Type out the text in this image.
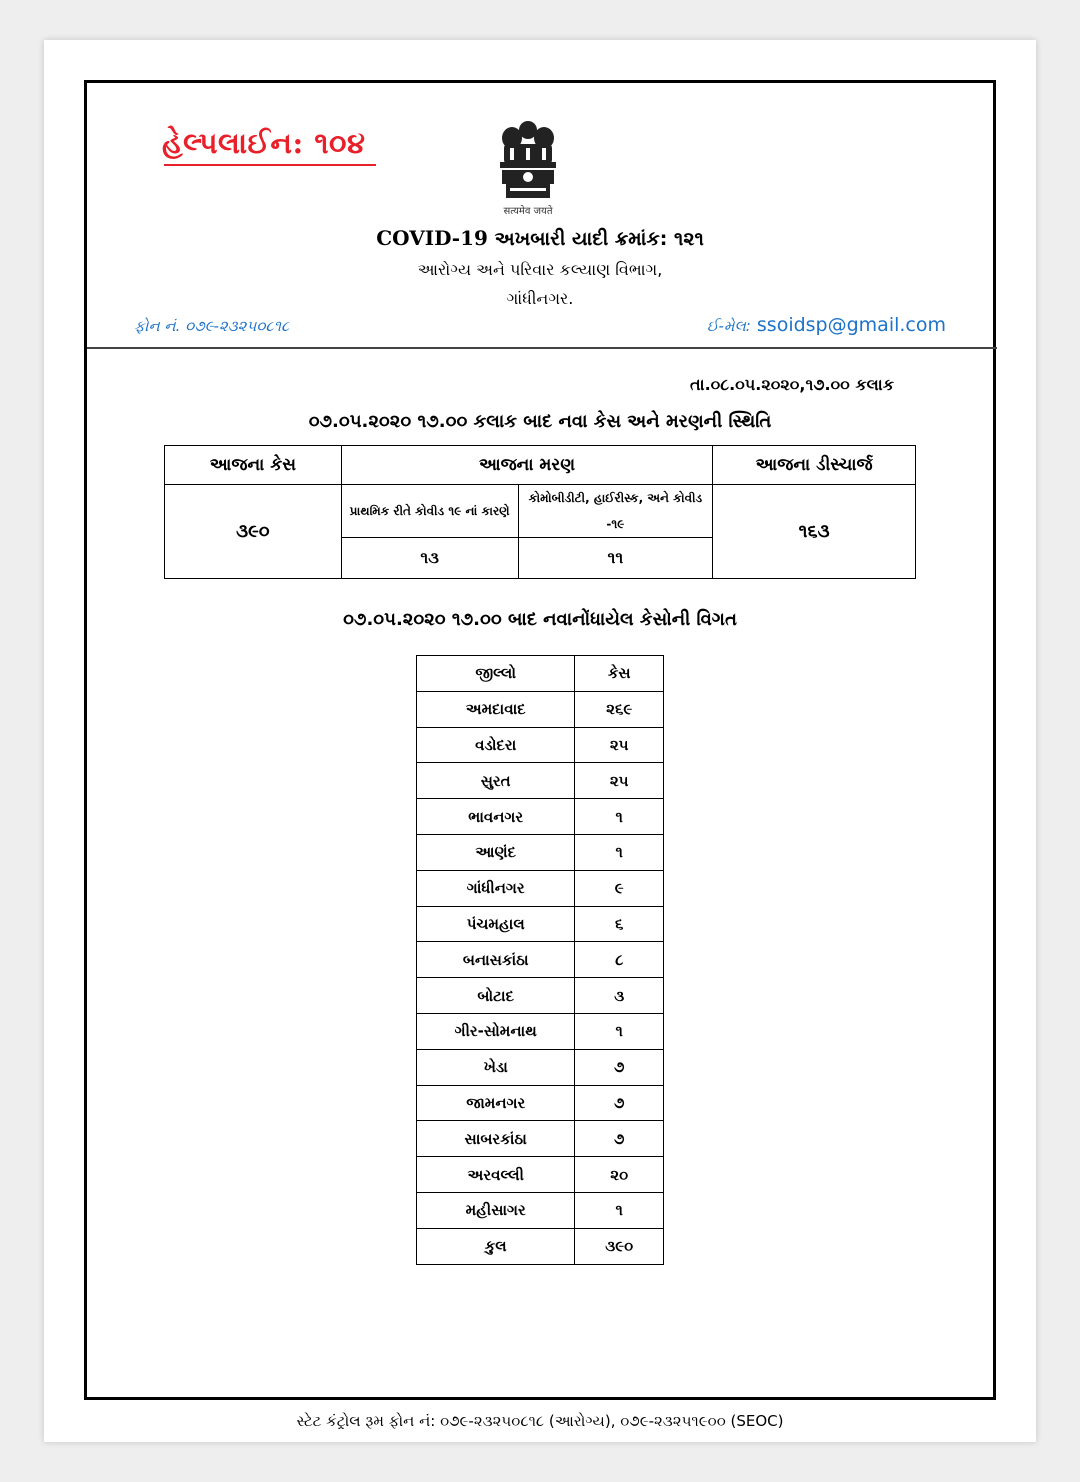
હેલ્પલાઈન: ૧૦૪
सत्यमेव जयते
COVID-19 અખબારી યાદી ક્રમાંક: ૧૨૧
આરોગ્ય અને પરિવાર કલ્યાણ વિભાગ,
ગાંધીનગર.
ફોન નં. ૦૭૯-૨૩૨૫૦૮૧૮	ઈ-મેલ: ssoidsp@gmail.com
તા.૦૮.૦૫.૨૦૨૦,૧૭.૦૦ કલાક
૦૭.૦૫.૨૦૨૦ ૧૭.૦૦ કલાક બાદ નવા કેસ અને મરણની સ્થિતિ
આજના કેસ	આજના મરણ		આજના ડીસ્ચાર્જ
૩૯૦	પ્રાથમિક રીતે કોવીડ ૧૯ નાં કારણે	કોમોબીડીટી, હાઈરીસ્ક, અને કોવીડ -૧૯	૧૬૩
	૧૩	૧૧	
૦૭.૦૫.૨૦૨૦ ૧૭.૦૦ બાદ નવાનોંધાયેલ કેસોની વિગત
જીલ્લો	કેસ
અમદાવાદ	૨૬૯
વડોદરા	૨૫
સુરત	૨૫
ભાવનગર	૧
આણંદ	૧
ગાંધીનગર	૯
પંચમહાલ	૬
બનાસકાંઠા	૮
બોટાદ	૩
ગીર-સોમનાથ	૧
ખેડા	૭
જામનગર	૭
સાબરકાંઠા	૭
અરવલ્લી	૨૦
મહીસાગર	૧
કુલ	૩૯૦
સ્ટેટ કંટ્રોલ રૂમ ફોન નં: ૦૭૯-૨૩૨૫૦૮૧૮ (આરોગ્ય), ૦૭૯-૨૩૨૫૧૯૦૦ (SEOC)
